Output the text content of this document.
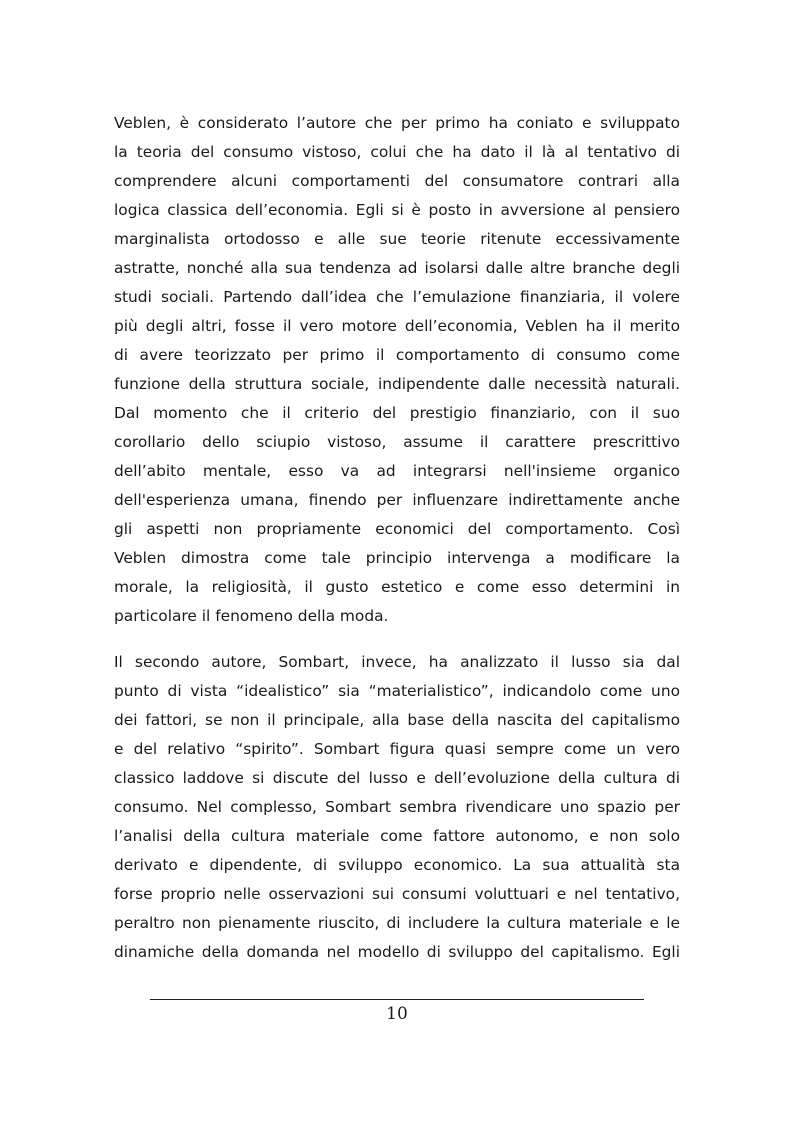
Veblen, è considerato l’autore che per primo ha coniato e sviluppato
la teoria del consumo vistoso, colui che ha dato il là al tentativo di
comprendere alcuni comportamenti del consumatore contrari alla
logica classica dell’economia. Egli si è posto in avversione al pensiero
marginalista ortodosso e alle sue teorie ritenute eccessivamente
astratte, nonché alla sua tendenza ad isolarsi dalle altre branche degli
studi sociali. Partendo dall’idea che l’emulazione finanziaria, il volere
più degli altri, fosse il vero motore dell’economia, Veblen ha il merito
di avere teorizzato per primo il comportamento di consumo come
funzione della struttura sociale, indipendente dalle necessità naturali.
Dal momento che il criterio del prestigio finanziario, con il suo
corollario dello sciupio vistoso, assume il carattere prescrittivo
dell’abito mentale, esso va ad integrarsi nell'insieme organico
dell'esperienza umana, finendo per influenzare indirettamente anche
gli aspetti non propriamente economici del comportamento. Così
Veblen dimostra come tale principio intervenga a modificare la
morale, la religiosità, il gusto estetico e come esso determini in
particolare il fenomeno della moda.
Il secondo autore, Sombart, invece, ha analizzato il lusso sia dal
punto di vista “idealistico” sia “materialistico”, indicandolo come uno
dei fattori, se non il principale, alla base della nascita del capitalismo
e del relativo “spirito”. Sombart figura quasi sempre come un vero
classico laddove si discute del lusso e dell’evoluzione della cultura di
consumo. Nel complesso, Sombart sembra rivendicare uno spazio per
l’analisi della cultura materiale come fattore autonomo, e non solo
derivato e dipendente, di sviluppo economico. La sua attualità sta
forse proprio nelle osservazioni sui consumi voluttuari e nel tentativo,
peraltro non pienamente riuscito, di includere la cultura materiale e le
dinamiche della domanda nel modello di sviluppo del capitalismo. Egli
10
